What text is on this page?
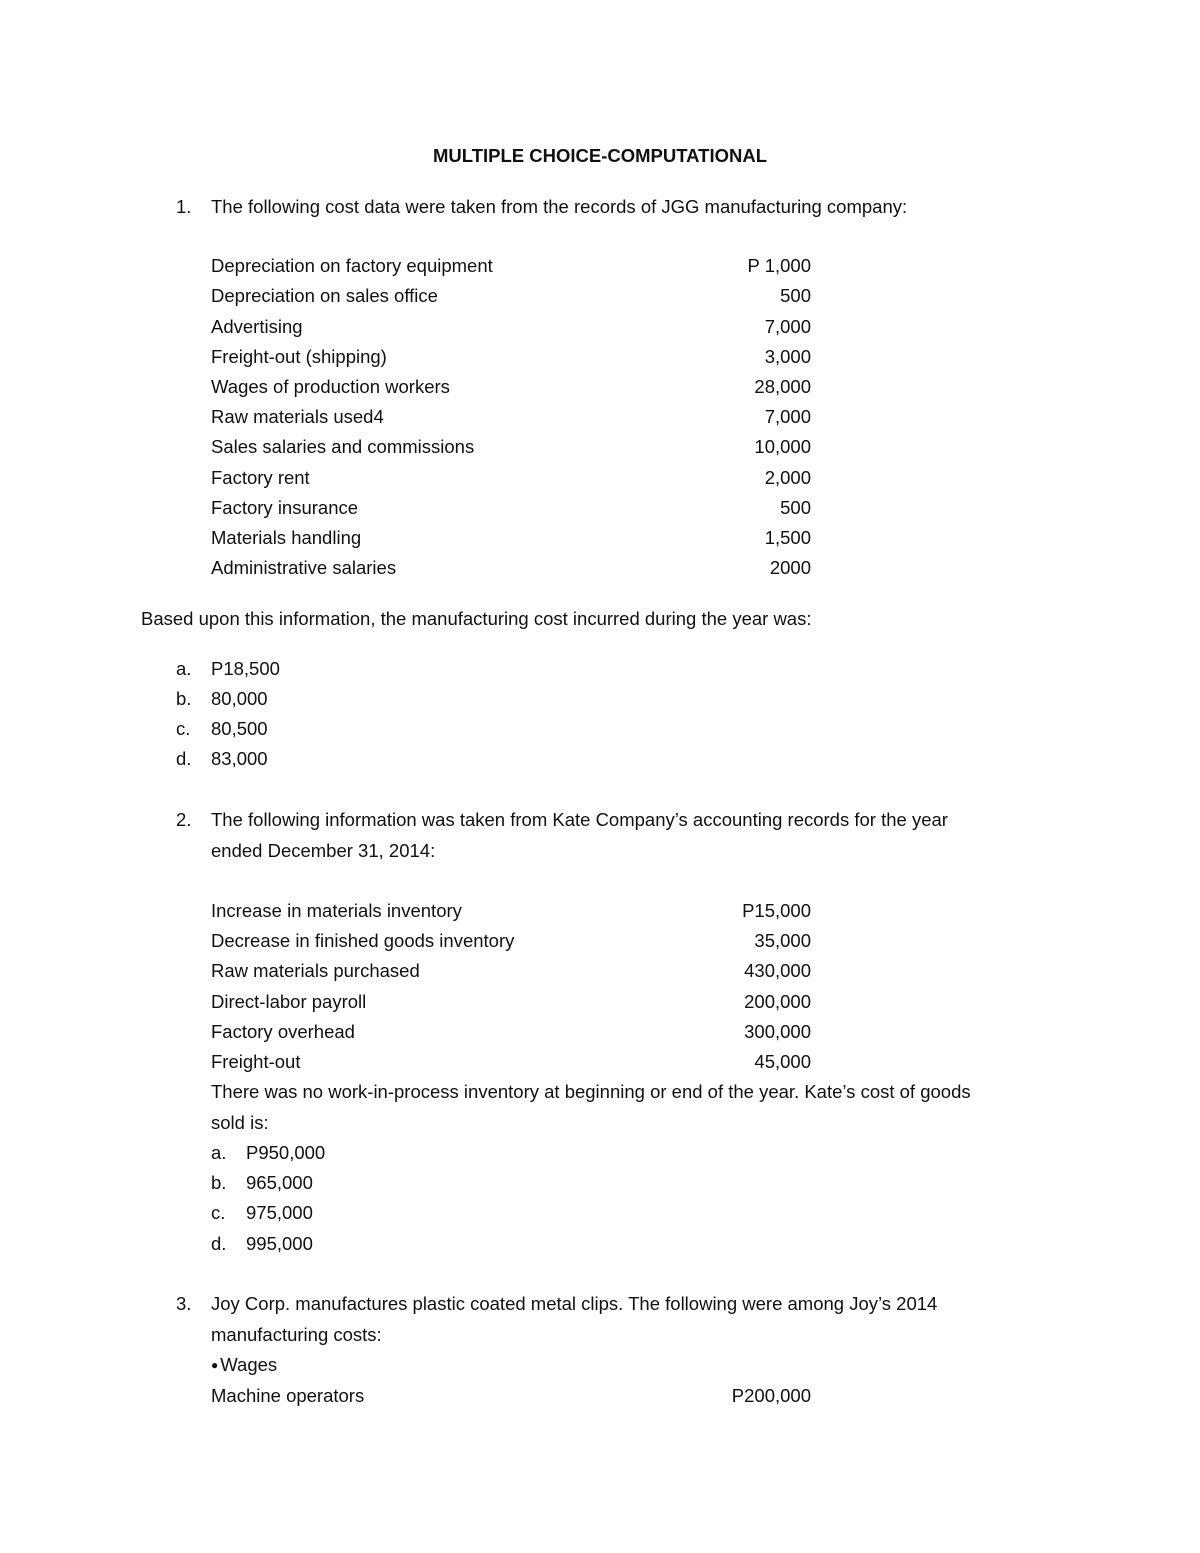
MULTIPLE CHOICE-COMPUTATIONAL
1.	The following cost data were taken from the records of JGG manufacturing company:
Depreciation on factory equipment	P 1,000
Depreciation on sales office	500
Advertising	7,000
Freight-out (shipping)	3,000
Wages of production workers	28,000
Raw materials used4	7,000
Sales salaries and commissions	10,000
Factory rent	2,000
Factory insurance	500
Materials handling	1,500
Administrative salaries	2000
Based upon this information, the manufacturing cost incurred during the year was:
a. P18,500
b. 80,000
c. 80,500
d. 83,000
2.	The following information was taken from Kate Company’s accounting records for the year
ended December 31, 2014:
Increase in materials inventory	P15,000
Decrease in finished goods inventory	35,000
Raw materials purchased	430,000
Direct-labor payroll	200,000
Factory overhead	300,000
Freight-out	45,000
There was no work-in-process inventory at beginning or end of the year. Kate’s cost of goods
sold is:
a. P950,000
b. 965,000
c. 975,000
d. 995,000
3.	Joy Corp. manufactures plastic coated metal clips. The following were among Joy’s 2014
manufacturing costs:
● Wages
Machine operators	P200,000
